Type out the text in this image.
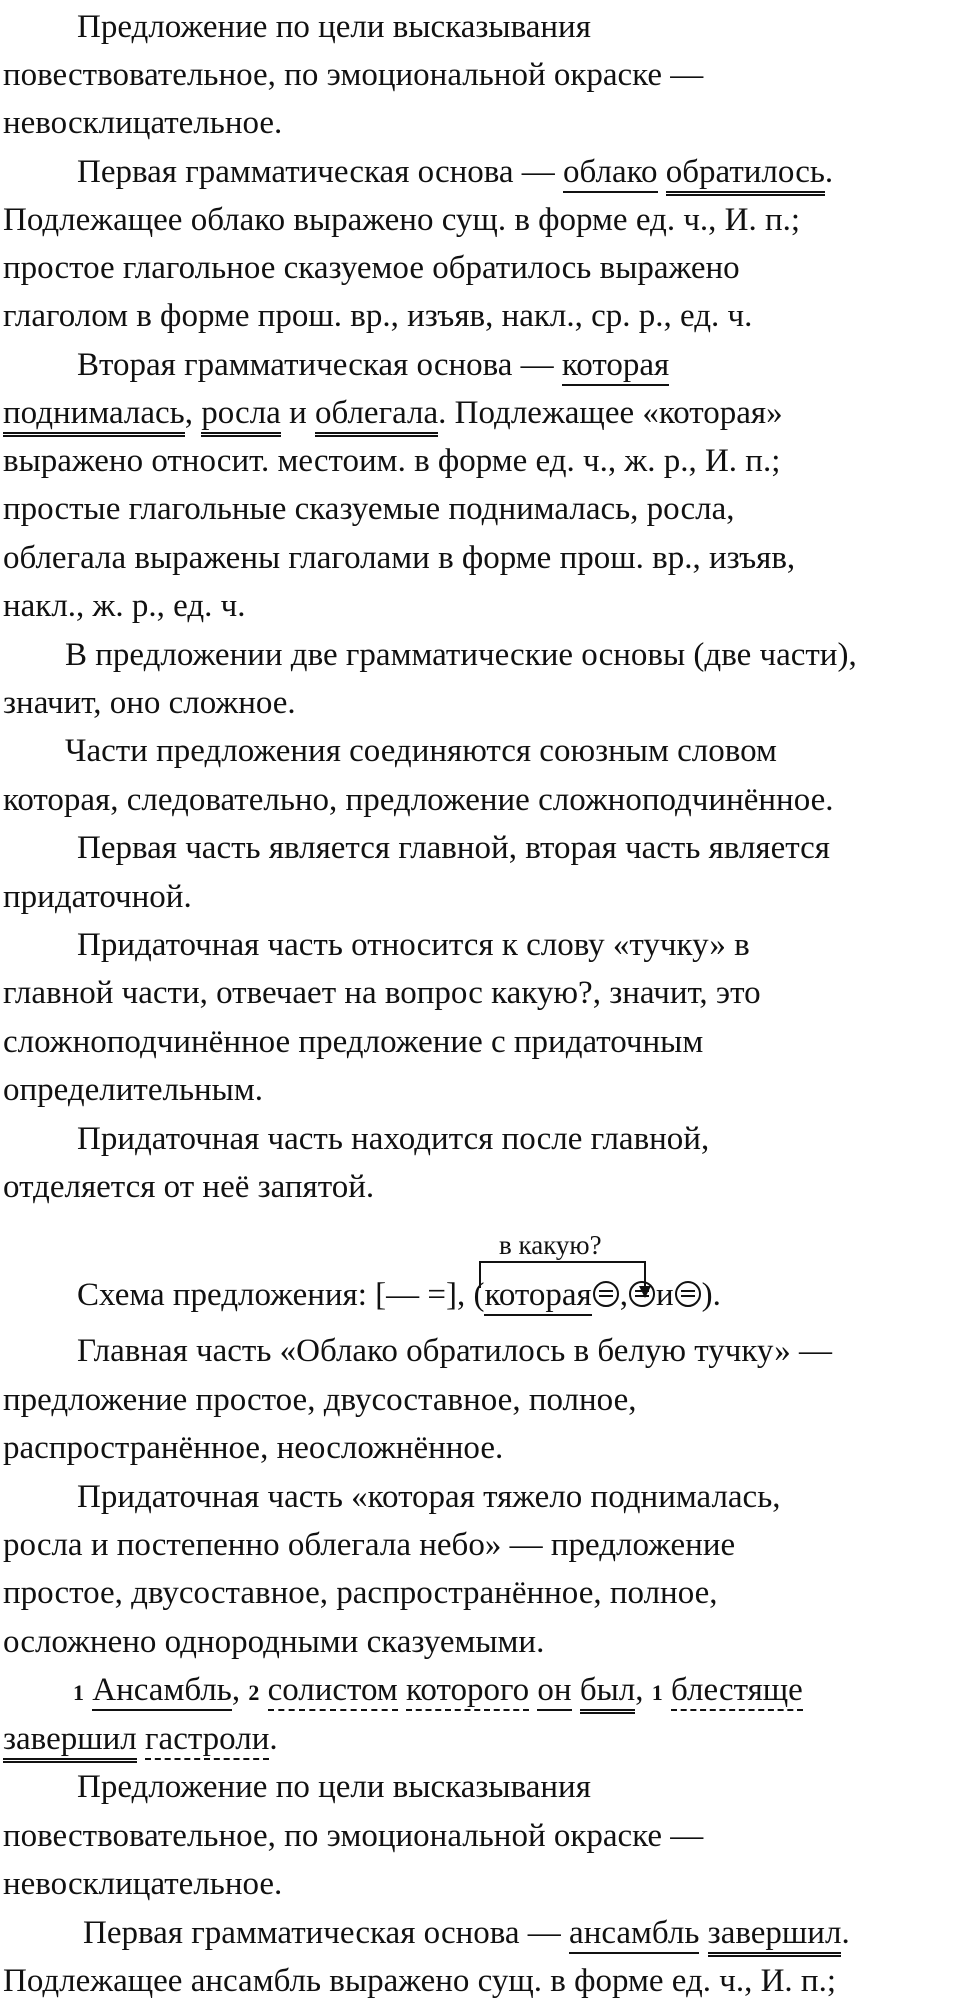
Предложение по цели высказывания
повествовательное, по эмоциональной окраске —
невосклицательное.
Первая грамматическая основа — облако обратилось.
Подлежащее облако выражено сущ. в форме ед. ч., И. п.;
простое глагольное сказуемое обратилось выражено
глаголом в форме прош. вр., изъяв, накл., ср. р., ед. ч.
Вторая грамматическая основа — которая
поднималась, росла и облегала. Подлежащее «которая»
выражено относит. местоим. в форме ед. ч., ж. р., И. п.;
простые глагольные сказуемые поднималась, росла,
облегала выражены глаголами в форме прош. вр., изъяв,
накл., ж. р., ед. ч.
В предложении две грамматические основы (две части),
значит, оно сложное.
Части предложения соединяются союзным словом
которая, следовательно, предложение сложноподчинённое.
Первая часть является главной, вторая часть является
придаточной.
Придаточная часть относится к слову «тучку» в
главной части, отвечает на вопрос какую?, значит, это
сложноподчинённое предложение с придаточным
определительным.
Придаточная часть находится после главной,
отделяется от неё запятой.
в какую?
Схема предложения: [— =], (которая , и ).
Главная часть «Облако обратилось в белую тучку» —
предложение простое, двусоставное, полное,
распространённое, неосложнённое.
Придаточная часть «которая тяжело поднималась,
росла и постепенно облегала небо» — предложение
простое, двусоставное, распространённое, полное,
осложнено однородными сказуемыми.
1 Ансамбль, 2 солистом которого он был, 1 блестяще
завершил гастроли.
Предложение по цели высказывания
повествовательное, по эмоциональной окраске —
невосклицательное.
Первая грамматическая основа — ансамбль завершил.
Подлежащее ансамбль выражено сущ. в форме ед. ч., И. п.;
